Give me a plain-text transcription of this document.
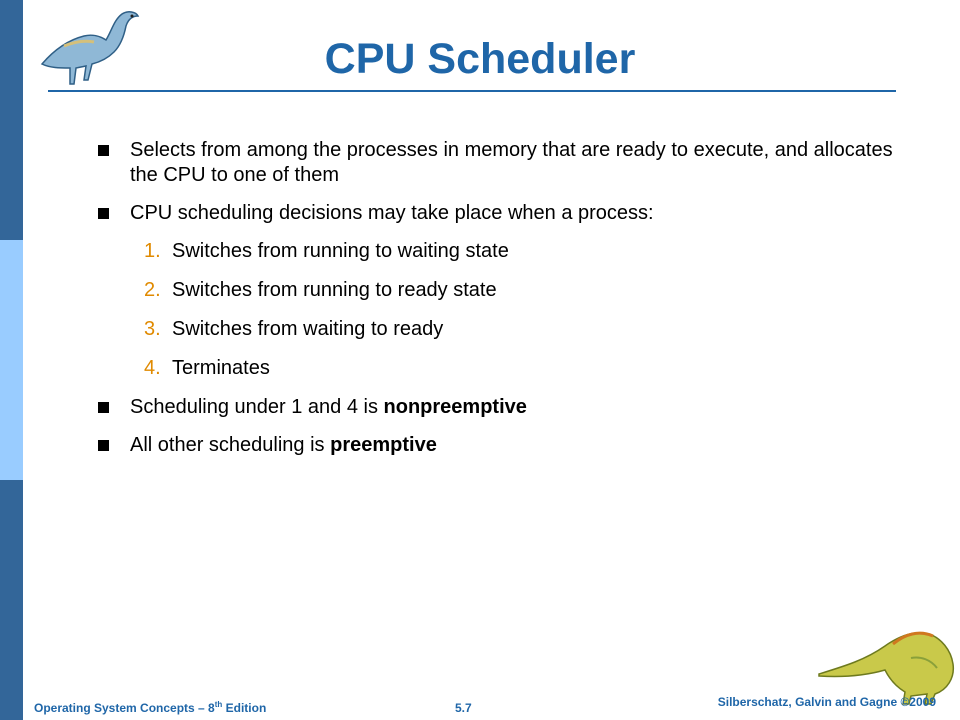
CPU Scheduler
Selects from among the processes in memory that are ready to execute, and allocates the CPU to one of them
CPU scheduling decisions may take place when a process:
1. Switches from running to waiting state
2. Switches from running to ready state
3. Switches from waiting to ready
4. Terminates
Scheduling under 1 and 4 is nonpreemptive
All other scheduling is preemptive
Operating System Concepts – 8th Edition	5.7	Silberschatz, Galvin and Gagne ©2009
